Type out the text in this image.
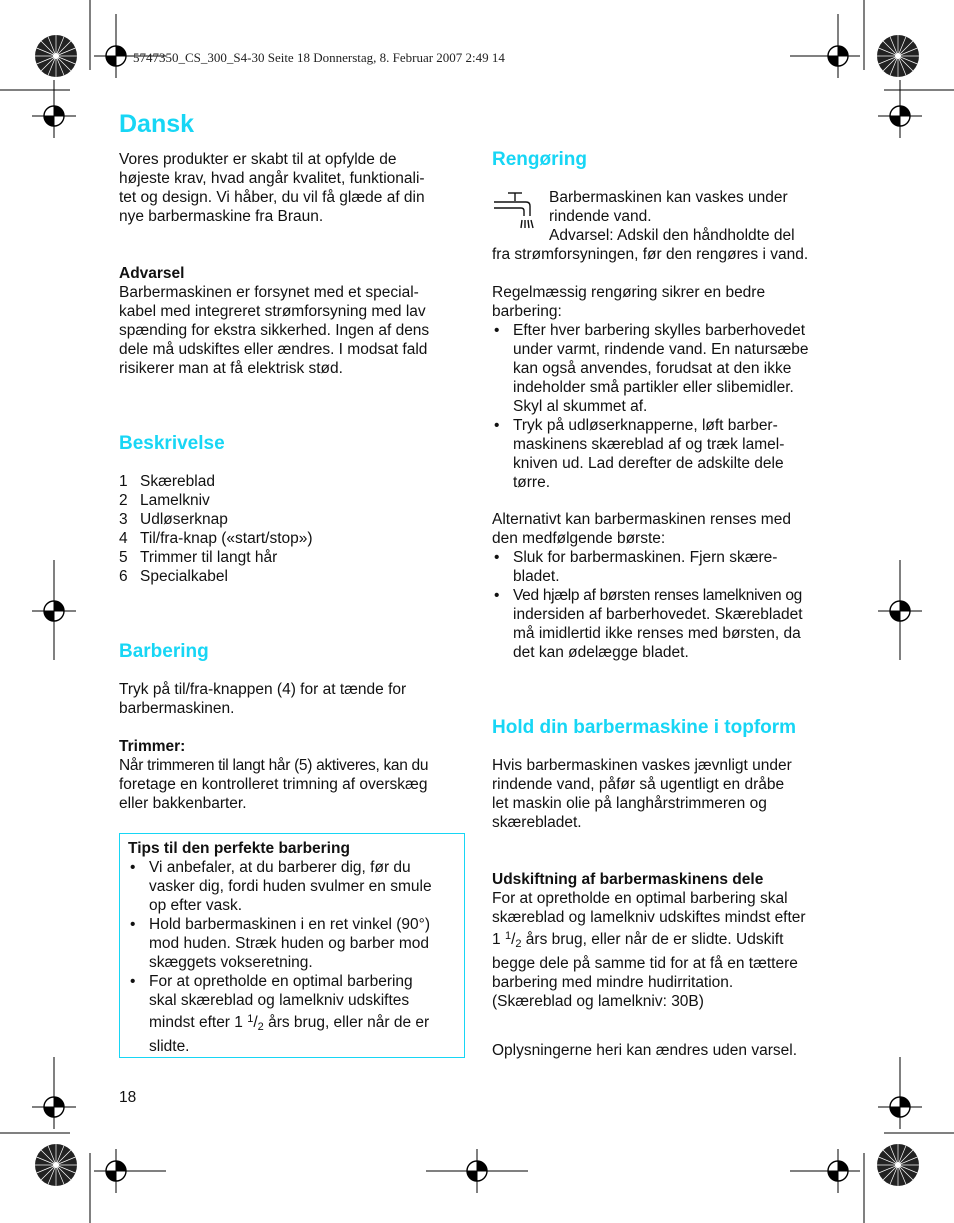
5747350_CS_300_S4-30 Seite 18 Donnerstag, 8. Februar 2007 2:49 14
Dansk
Vores produkter er skabt til at opfylde de
højeste krav, hvad angår kvalitet, funktionali-
tet og design. Vi håber, du vil få glæde af din
nye barbermaskine fra Braun.
Advarsel
Barbermaskinen er forsynet med et special-
kabel med integreret strømforsyning med lav
spænding for ekstra sikkerhed. Ingen af dens
dele må udskiftes eller ændres. I modsat fald
risikerer man at få elektrisk stød.
Beskrivelse
1 Skæreblad
2 Lamelkniv
3 Udløserknap
4 Til/fra-knap («start/stop»)
5 Trimmer til langt hår
6 Specialkabel
Barbering
Tryk på til/fra-knappen (4) for at tænde for
barbermaskinen.
Trimmer:
Når trimmeren til langt hår (5) aktiveres, kan du
foretage en kontrolleret trimning af overskæg
eller bakkenbarter.
Tips til den perfekte barbering
• Vi anbefaler, at du barberer dig, før du
vasker dig, fordi huden svulmer en smule
op efter vask.
• Hold barbermaskinen i en ret vinkel (90°)
mod huden. Stræk huden og barber mod
skæggets vokseretning.
• For at opretholde en optimal barbering
skal skæreblad og lamelkniv udskiftes
mindst efter 1 $^1/_2$ års brug, eller når de er
slidte.
18
Rengøring
Barbermaskinen kan vaskes under
rindende vand.
Advarsel: Adskil den håndholdte del
fra strømforsyningen, før den rengøres i vand.
Regelmæssig rengøring sikrer en bedre
barbering:
• Efter hver barbering skylles barberhovedet
under varmt, rindende vand. En natursæbe
kan også anvendes, forudsat at den ikke
indeholder små partikler eller slibemidler.
Skyl al skummet af.
• Tryk på udløserknapperne, løft barber-
maskinens skæreblad af og træk lamel-
kniven ud. Lad derefter de adskilte dele
tørre.
Alternativt kan barbermaskinen renses med
den medfølgende børste:
• Sluk for barbermaskinen. Fjern skære-
bladet.
• Ved hjælp af børsten renses lamelkniven og
indersiden af barberhovedet. Skærebladet
må imidlertid ikke renses med børsten, da
det kan ødelægge bladet.
Hold din barbermaskine i topform
Hvis barbermaskinen vaskes jævnligt under
rindende vand, påfør så ugentligt en dråbe
let maskin olie på langhårstrimmeren og
skærebladet.
Udskiftning af barbermaskinens dele
For at opretholde en optimal barbering skal
skæreblad og lamelkniv udskiftes mindst efter
1 $^1/_2$ års brug, eller når de er slidte. Udskift
begge dele på samme tid for at få en tættere
barbering med mindre hudirritation.
(Skæreblad og lamelkniv: 30B)
Oplysningerne heri kan ændres uden varsel.
